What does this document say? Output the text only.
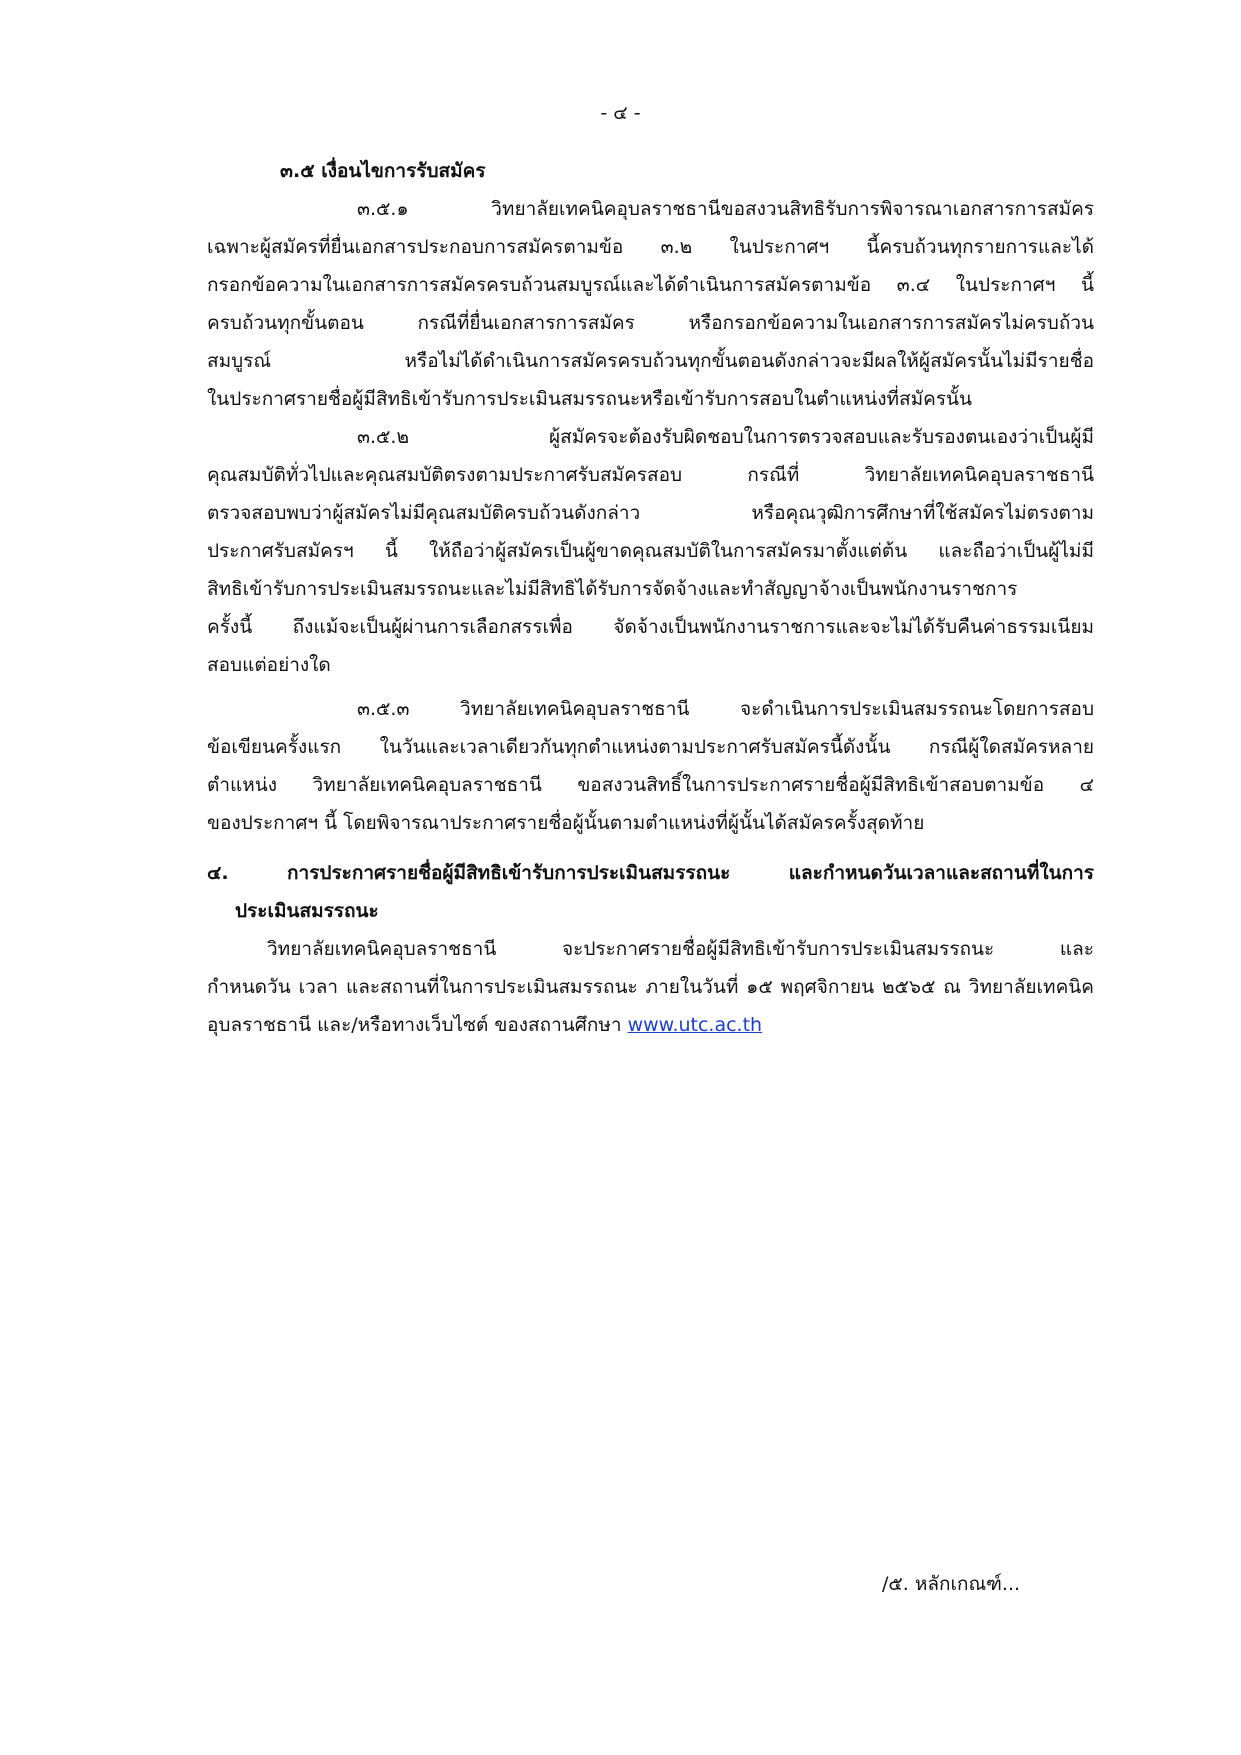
- ๔ -
๓.๕ เงื่อนไขการรับสมัคร
๓.๕.๑ วิทยาลัยเทคนิคอุบลราชธานีขอสงวนสิทธิรับการพิจารณาเอกสารการสมัคร
เฉพาะผู้สมัครที่ยื่นเอกสารประกอบการสมัครตามข้อ ๓.๒ ในประกาศฯ นี้ครบถ้วนทุกรายการและได้
กรอกข้อความในเอกสารการสมัครครบถ้วนสมบูรณ์และได้ดำเนินการสมัครตามข้อ ๓.๔ ในประกาศฯ นี้
ครบถ้วนทุกขั้นตอน กรณีที่ยื่นเอกสารการสมัคร หรือกรอกข้อความในเอกสารการสมัครไม่ครบถ้วน
สมบูรณ์ หรือไม่ได้ดำเนินการสมัครครบถ้วนทุกขั้นตอนดังกล่าวจะมีผลให้ผู้สมัครนั้นไม่มีรายชื่อ
ในประกาศรายชื่อผู้มีสิทธิเข้ารับการประเมินสมรรถนะหรือเข้ารับการสอบในตำแหน่งที่สมัครนั้น
๓.๕.๒ ผู้สมัครจะต้องรับผิดชอบในการตรวจสอบและรับรองตนเองว่าเป็นผู้มี
คุณสมบัติทั่วไปและคุณสมบัติตรงตามประกาศรับสมัครสอบ กรณีที่ วิทยาลัยเทคนิคอุบลราชธานี
ตรวจสอบพบว่าผู้สมัครไม่มีคุณสมบัติครบถ้วนดังกล่าว หรือคุณวุฒิการศึกษาที่ใช้สมัครไม่ตรงตาม
ประกาศรับสมัครฯ นี้ ให้ถือว่าผู้สมัครเป็นผู้ขาดคุณสมบัติในการสมัครมาตั้งแต่ต้น และถือว่าเป็นผู้ไม่มี
สิทธิเข้ารับการประเมินสมรรถนะและไม่มีสิทธิได้รับการจัดจ้างและทำสัญญาจ้างเป็นพนักงานราชการ
ครั้งนี้ ถึงแม้จะเป็นผู้ผ่านการเลือกสรรเพื่อ จัดจ้างเป็นพนักงานราชการและจะไม่ได้รับคืนค่าธรรมเนียม
สอบแต่อย่างใด
๓.๕.๓ วิทยาลัยเทคนิคอุบลราชธานี จะดำเนินการประเมินสมรรถนะโดยการสอบ
ข้อเขียนครั้งแรก ในวันและเวลาเดียวกันทุกตำแหน่งตามประกาศรับสมัครนี้ดังนั้น กรณีผู้ใดสมัครหลาย
ตำแหน่ง วิทยาลัยเทคนิคอุบลราชธานี ขอสงวนสิทธิ์ในการประกาศรายชื่อผู้มีสิทธิเข้าสอบตามข้อ ๔
ของประกาศฯ นี้ โดยพิจารณาประกาศรายชื่อผู้นั้นตามตำแหน่งที่ผู้นั้นได้สมัครครั้งสุดท้าย
๔. การประกาศรายชื่อผู้มีสิทธิเข้ารับการประเมินสมรรถนะ และกำหนดวันเวลาและสถานที่ในการ
ประเมินสมรรถนะ
วิทยาลัยเทคนิคอุบลราชธานี จะประกาศรายชื่อผู้มีสิทธิเข้ารับการประเมินสมรรถนะ และ
กำหนดวัน เวลา และสถานที่ในการประเมินสมรรถนะ ภายในวันที่ ๑๕ พฤศจิกายน ๒๕๖๕ ณ วิทยาลัยเทคนิค
อุบลราชธานี และ/หรือทางเว็บไซต์ ของสถานศึกษา www.utc.ac.th
/๕. หลักเกณฑ์...
